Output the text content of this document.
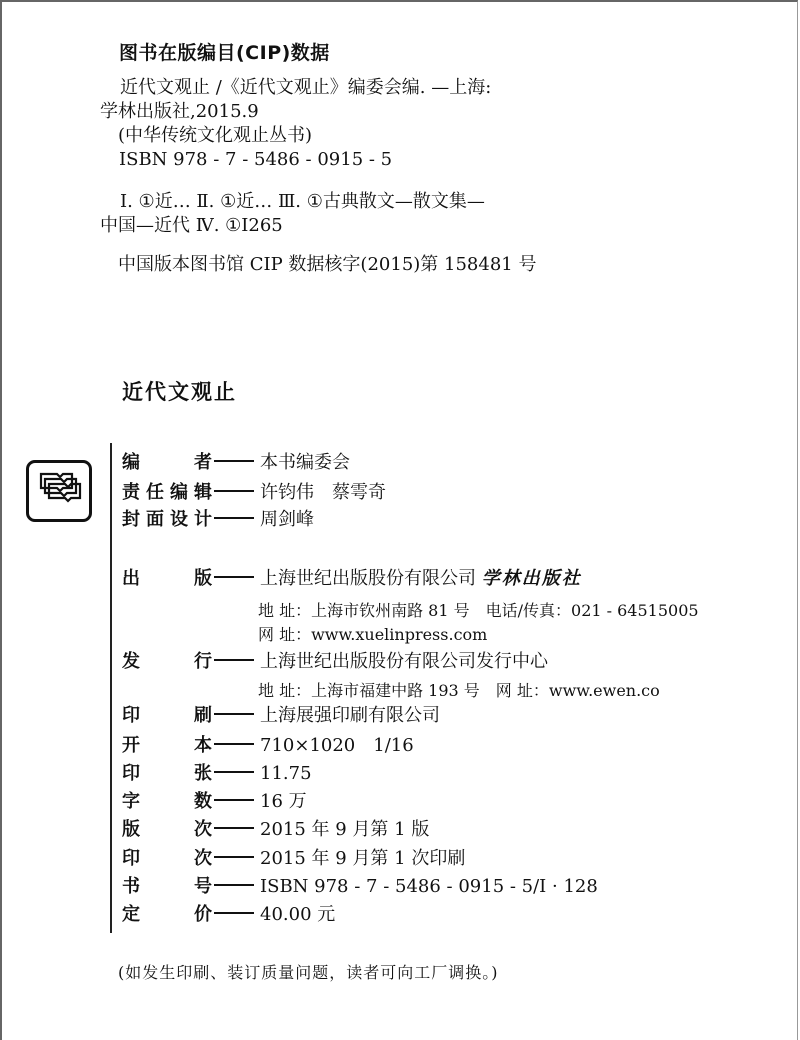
图书在版编目(CIP)数据
近代文观止 /《近代文观止》编委会编. —上海:
学林出版社,2015.9
(中华传统文化观止丛书)
ISBN 978 - 7 - 5486 - 0915 - 5
Ⅰ. ①近… Ⅱ. ①近… Ⅲ. ①古典散文—散文集—
中国—近代 Ⅳ. ①I265
中国版本图书馆 CIP 数据核字(2015)第 158481 号
近代文观止
编　　者	本书编委会
责任编辑	许钧伟　蔡雩奇
封面设计	周剑峰
出　　版	上海世纪出版股份有限公司 学林出版社
地 址：上海市钦州南路 81 号　电话/传真：021 - 64515005
网 址：www.xuelinpress.com
发　　行	上海世纪出版股份有限公司发行中心
地 址：上海市福建中路 193 号　网 址：www.ewen.co
印　　刷	上海展强印刷有限公司
开　　本	710×1020　1/16
印　　张	11.75
字　　数	16 万
版　　次	2015 年 9 月第 1 版
印　　次	2015 年 9 月第 1 次印刷
书　　号	ISBN 978 - 7 - 5486 - 0915 - 5/I · 128
定　　价	40.00 元
(如发生印刷、装订质量问题，读者可向工厂调换。)
